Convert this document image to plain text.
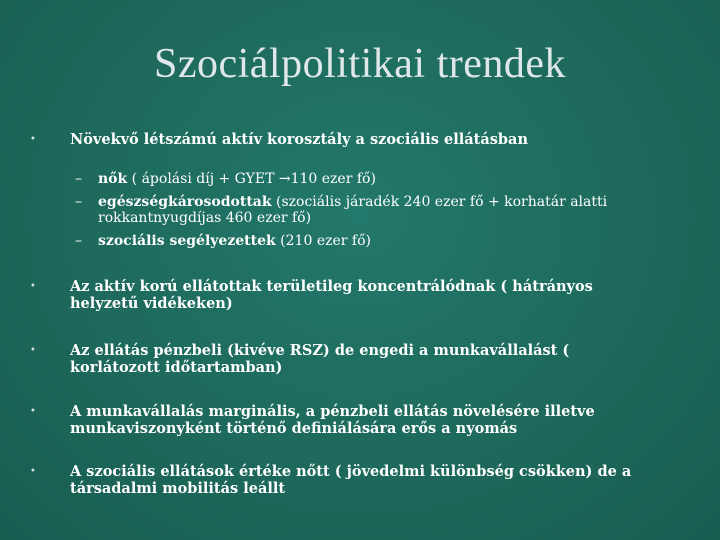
Szociálpolitikai trendek
• Növekvő létszámú aktív korosztály a szociális ellátásban
– nők ( ápolási díj + GYET →110 ezer fő)
– egészségkárosodottak (szociális járadék 240 ezer fő + korhatár alatti rokkantnyugdíjas 460 ezer fő)
– szociális segélyezettek (210 ezer fő)
• Az aktív korú ellátottak területileg koncentrálódnak ( hátrányos helyzetű vidékeken)
• Az ellátás pénzbeli (kivéve RSZ) de engedi a munkavállalást ( korlátozott időtartamban)
• A munkavállalás marginális, a pénzbeli ellátás növelésére illetve munkaviszonyként történő definiálására erős a nyomás
• A szociális ellátások értéke nőtt ( jövedelmi különbség csökken) de a társadalmi mobilitás leállt
